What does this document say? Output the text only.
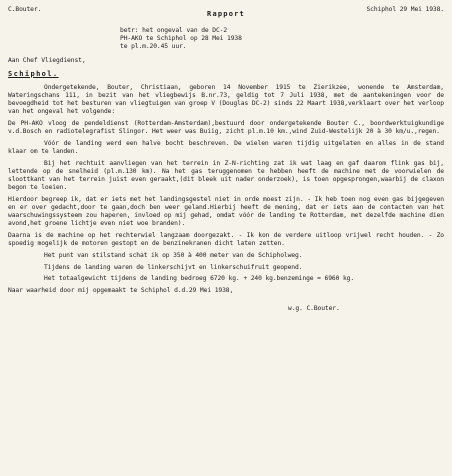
C.Bouter.	Schiphol 29 Mei 1938.
Rapport
betr: het ongeval van de DC-2
PH-AKO te Schiphol op 28 Mei 1938
te pl.m.20.45 uur.
Aan Chef Vliegdienst,
Schiphol.

Ondergetekende, Bouter, Christiaan, geboren 14 November 1915 te Zierikzee, wonende te Amsterdam, Wateringschans 111, in bezit van het vliegbewijs B.nr.73, geldig tot 7 Juli 1938, met de aantekeningen voor de bevoegdheid tot het besturen van vliegtuigen van groep V (Douglas DC-2) sinds 22 Maart 1938,verklaart over het verloop van het ongeval het volgende:

De PH-AKO vloog de pendeldienst (Rotterdam-Amsterdam),bestuurd door ondergetekende Bouter C., boordwerktuigkundige v.d.Bosch en radiotelegrafist Slingor. Het weer was Buiig, zicht pl.m.10 km.,wind Zuid-Westelijk 20 à 30 km/u.,regen.

Vóór de landing werd een halve bocht beschreven. De wielen waren tijdig uitgelaten en alles in de stand klaar om te landen.

Bij het rechtuit aanvliegen van het terrein in Z-N-richting zat ik wat laag en gaf daarom flink gas bij, lettende op de snelheid (pl.m.130 km). Na het gas teruggenomen te hebben heeft de machine met de voorwielen de sloottkant van het terrein juist even geraakt,(dit bleek uit nader onderzoek), is toen opgesprongen,waarbij de claxon begon te loeien.

Hierdoor begreep ik, dat er iets met het landingsgestel niet in orde moest zijn. - Ik heb toen nog even gas bijgegeven en er over gedacht,door te gaan,doch ben weer geland.Hierbij heeft de mening, dat er iets aan de contacten van het waarschuwingssysteem zou haperen, invloed op mij gehad, omdat vóór de landing te Rotterdam, met dezelfde machine dien avond,het groene lichtje even niet woe branden).

Daarna is de machine op het rechterwiel langzaam doorgezakt. - Ik kon de verdere uitloop vrijwel recht houden. - Zo spoedig mogelijk de motoren gestopt en de benzinekranen dicht laten zetten.

Het punt van stilstand schat ik op 350 à 400 meter van de Schipholweg.

Tijdens de landing waren de linkerschijvt en linkerschuifruit geopend.

Het totaalgewicht tijdens de landing bedroeg 6720 kg. + 240 kg.benzeminge = 6960 kg.

Naar waarheid door mij opgemaakt te Schiphol d.d.29 Mei 1938,
w.g. C.Bouter.
